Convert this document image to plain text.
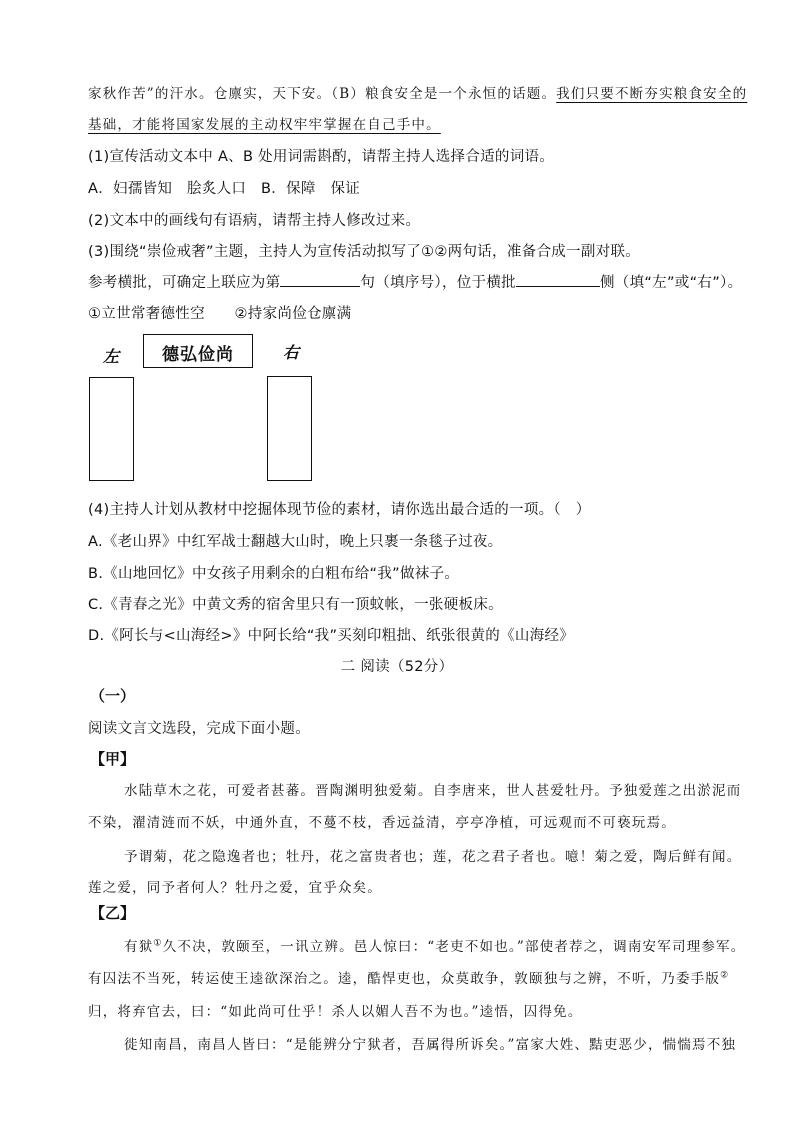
家秋作苦”的汗水。仓廪实，天下安。（B）粮食安全是一个永恒的话题。我们只要不断夯实粮食安全的
基础，才能将国家发展的主动权牢牢掌握在自己手中。
(1)宣传活动文本中 A、B 处用词需斟酌，请帮主持人选择合适的词语。
A．妇孺皆知　脍炙人口　B．保障　保证
(2)文本中的画线句有语病，请帮主持人修改过来。
(3)围绕“崇俭戒奢”主题，主持人为宣传活动拟写了①②两句话，准备合成一副对联。
参考横批，可确定上联应为第	句（填序号），位于横批	侧（填“左”或“右”）。
①立世常奢德性空　　②持家尚俭仓廪满
左	德弘俭尚	右
(4)主持人计划从教材中挖掘体现节俭的素材，请你选出最合适的一项。（　）
A.《老山界》中红军战士翻越大山时，晚上只裹一条毯子过夜。
B.《山地回忆》中女孩子用剩余的白粗布给“我”做袜子。
C.《青春之光》中黄文秀的宿舍里只有一顶蚊帐，一张硬板床。
D.《阿长与<山海经>》中阿长给“我”买刻印粗拙、纸张很黄的《山海经》
二 阅读（52分）
（一）
阅读文言文选段，完成下面小题。
【甲】
水陆草木之花，可爱者甚蕃。晋陶渊明独爱菊。自李唐来，世人甚爱牡丹。予独爱莲之出淤泥而
不染，濯清涟而不妖，中通外直，不蔓不枝，香远益清，亭亭净植，可远观而不可亵玩焉。
予谓菊，花之隐逸者也；牡丹，花之富贵者也；莲，花之君子者也。噫！菊之爱，陶后鲜有闻。
莲之爱，同予者何人？牡丹之爱，宜乎众矣。
【乙】
有狱①久不决，敦颐至，一讯立辨。邑人惊曰：“老吏不如也。”部使者荐之，调南安军司理参军。
有囚法不当死，转运使王逵欲深治之。逵，酷悍吏也，众莫敢争，敦颐独与之辨，不听，乃委手版②
归，将弃官去，曰：“如此尚可仕乎！杀人以媚人吾不为也。”逵悟，囚得免。
徙知南昌，南昌人皆曰：“是能辨分宁狱者，吾属得所诉矣。”富家大姓、黠吏恶少，惴惴焉不独
